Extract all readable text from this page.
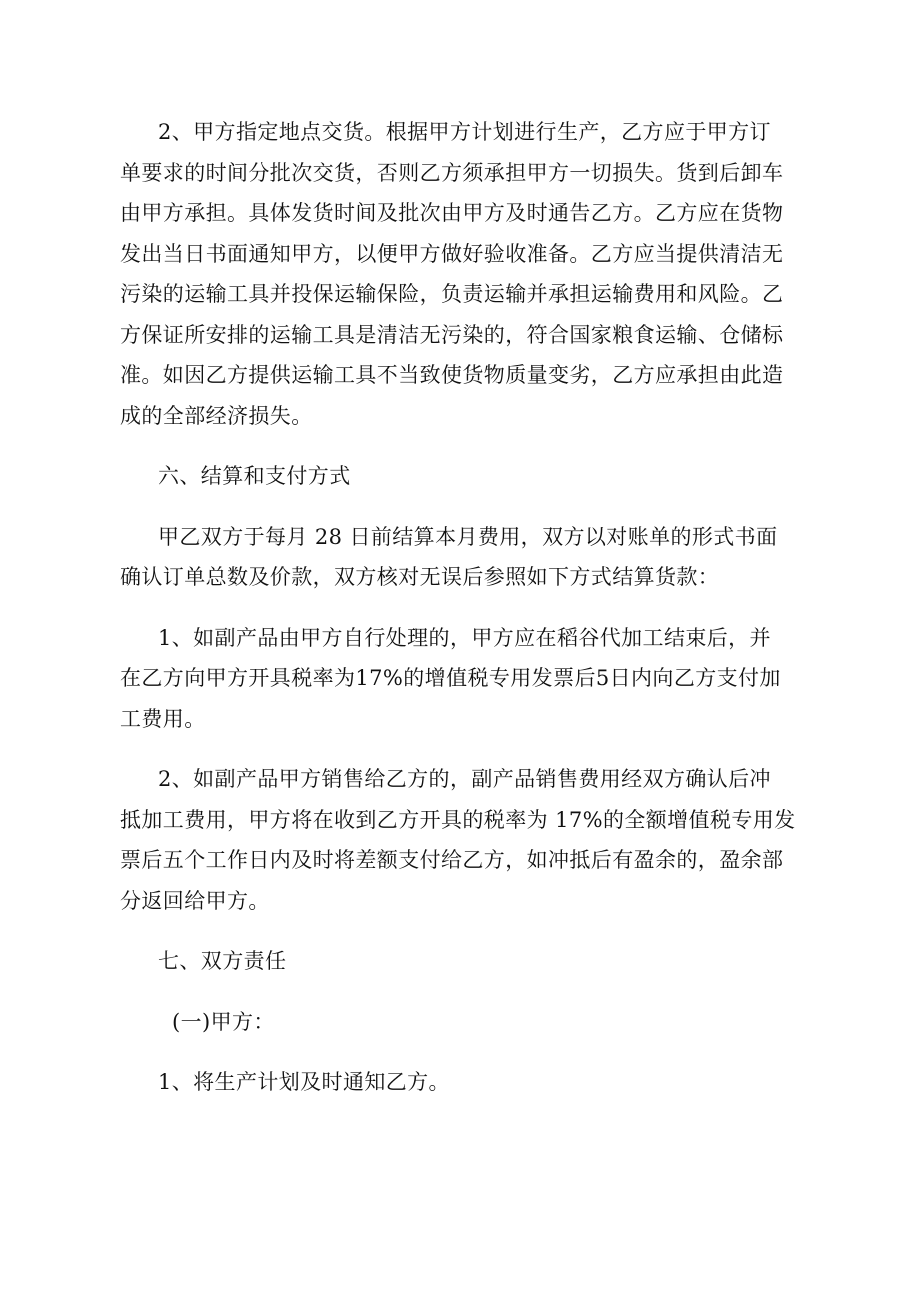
2、甲方指定地点交货。根据甲方计划进行生产，乙方应于甲方订
单要求的时间分批次交货，否则乙方须承担甲方一切损失。货到后卸车
由甲方承担。具体发货时间及批次由甲方及时通告乙方。乙方应在货物
发出当日书面通知甲方，以便甲方做好验收准备。乙方应当提供清洁无
污染的运输工具并投保运输保险，负责运输并承担运输费用和风险。乙
方保证所安排的运输工具是清洁无污染的，符合国家粮食运输、仓储标
准。如因乙方提供运输工具不当致使货物质量变劣，乙方应承担由此造
成的全部经济损失。
六、结算和支付方式
甲乙双方于每月 28 日前结算本月费用，双方以对账单的形式书面
确认订单总数及价款，双方核对无误后参照如下方式结算货款：
1、如副产品由甲方自行处理的，甲方应在稻谷代加工结束后，并
在乙方向甲方开具税率为17%的增值税专用发票后5日内向乙方支付加
工费用。
2、如副产品甲方销售给乙方的，副产品销售费用经双方确认后冲
抵加工费用，甲方将在收到乙方开具的税率为 17%的全额增值税专用发
票后五个工作日内及时将差额支付给乙方，如冲抵后有盈余的，盈余部
分返回给甲方。
七、双方责任
(一)甲方：
1、将生产计划及时通知乙方。
